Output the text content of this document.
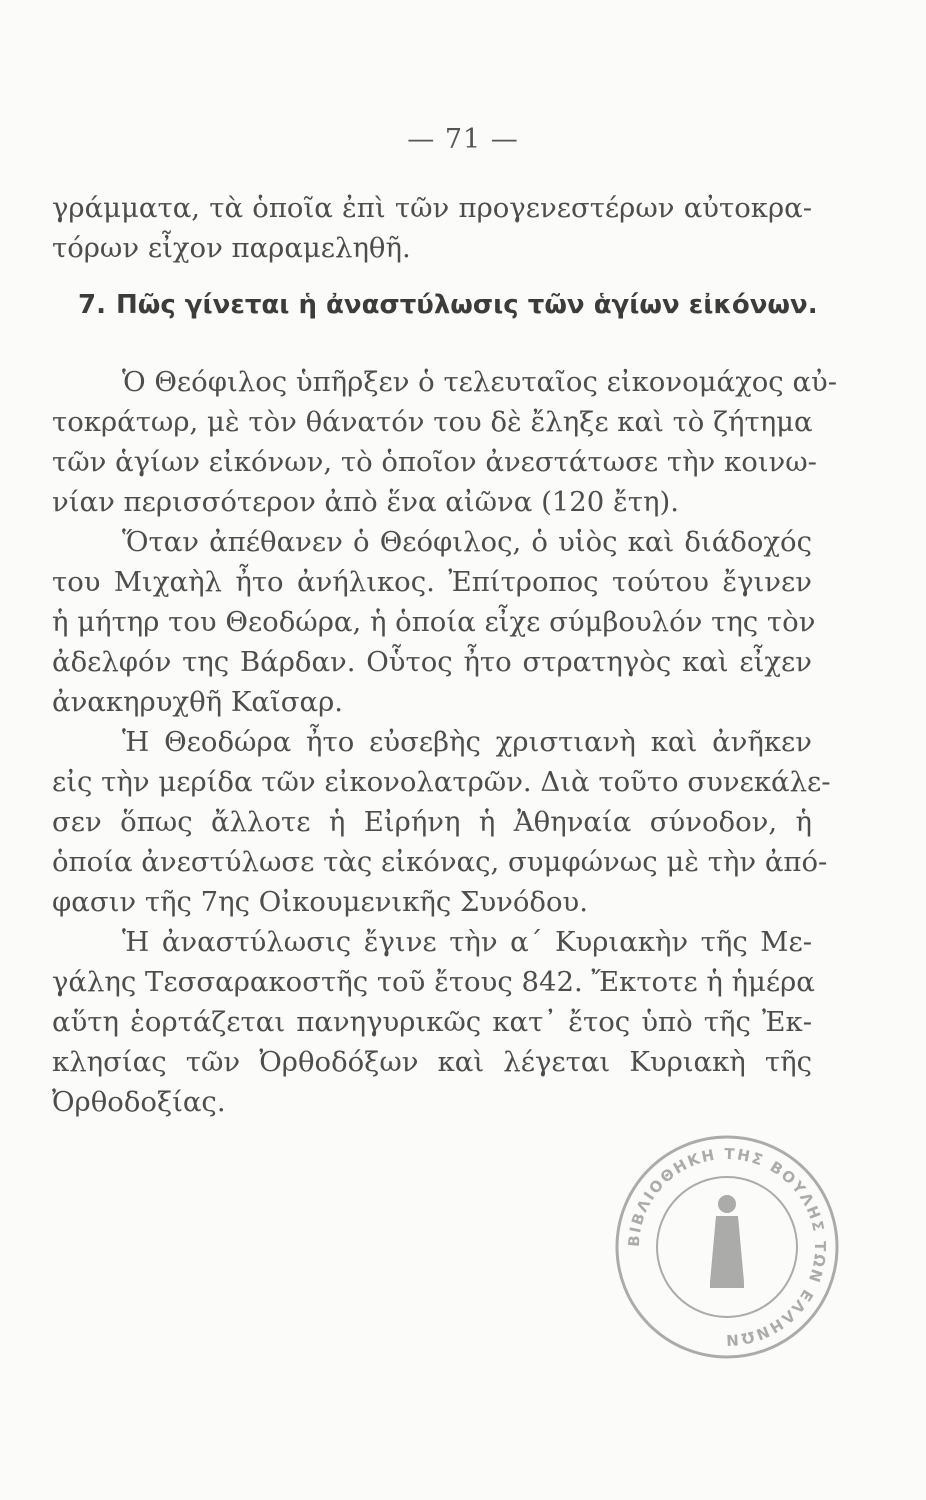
— 71 —
γράμματα, τὰ ὁποῖα ἐπὶ τῶν προγενεστέρων αὐτοκρα-
τόρων εἶχον παραμεληθῆ.
7. Πῶς γίνεται ἡ ἀναστύλωσις τῶν ἁγίων εἰκόνων.
Ὁ Θεόφιλος ὑπῆρξεν ὁ τελευταῖος εἰκονομάχος αὐ-
τοκράτωρ, μὲ τὸν θάνατόν του δὲ ἔληξε καὶ τὸ ζήτημα
τῶν ἁγίων εἰκόνων, τὸ ὁποῖον ἀνεστάτωσε τὴν κοινω-
νίαν περισσότερον ἀπὸ ἕνα αἰῶνα (120 ἔτη).
Ὅταν ἀπέθανεν ὁ Θεόφιλος, ὁ υἱὸς καὶ διάδοχός
του Μιχαὴλ ἦτο ἀνήλικος. Ἐπίτροπος τούτου ἔγινεν
ἡ μήτηρ του Θεοδώρα, ἡ ὁποία εἶχε σύμβουλόν της τὸν
ἀδελφόν της Βάρδαν. Οὗτος ἦτο στρατηγὸς καὶ εἶχεν
ἀνακηρυχθῆ Καῖσαρ.
Ἡ Θεοδώρα ἦτο εὐσεβὴς χριστιανὴ καὶ ἀνῆκεν
εἰς τὴν μερίδα τῶν εἰκονολατρῶν. Διὰ τοῦτο συνεκάλε-
σεν ὅπως ἄλλοτε ἡ Εἰρήνη ἡ Ἀθηναία σύνοδον, ἡ
ὁποία ἀνεστύλωσε τὰς εἰκόνας, συμφώνως μὲ τὴν ἀπό-
φασιν τῆς 7ης Οἰκουμενικῆς Συνόδου.
Ἡ ἀναστύλωσις ἔγινε τὴν α΄ Κυριακὴν τῆς Με-
γάλης Τεσσαρακοστῆς τοῦ ἔτους 842. Ἔκτοτε ἡ ἡμέρα
αὕτη ἑορτάζεται πανηγυρικῶς κατ᾽ ἔτος ὑπὸ τῆς Ἐκ-
κλησίας τῶν Ὀρθοδόξων καὶ λέγεται Κυριακὴ τῆς
Ὀρθοδοξίας.
ΒΙΒΛΙΟΘΗΚΗ ΤΗΣ ΒΟΥΛΗΣ ΤΩΝ ΕΛΛΗΝΩΝ
